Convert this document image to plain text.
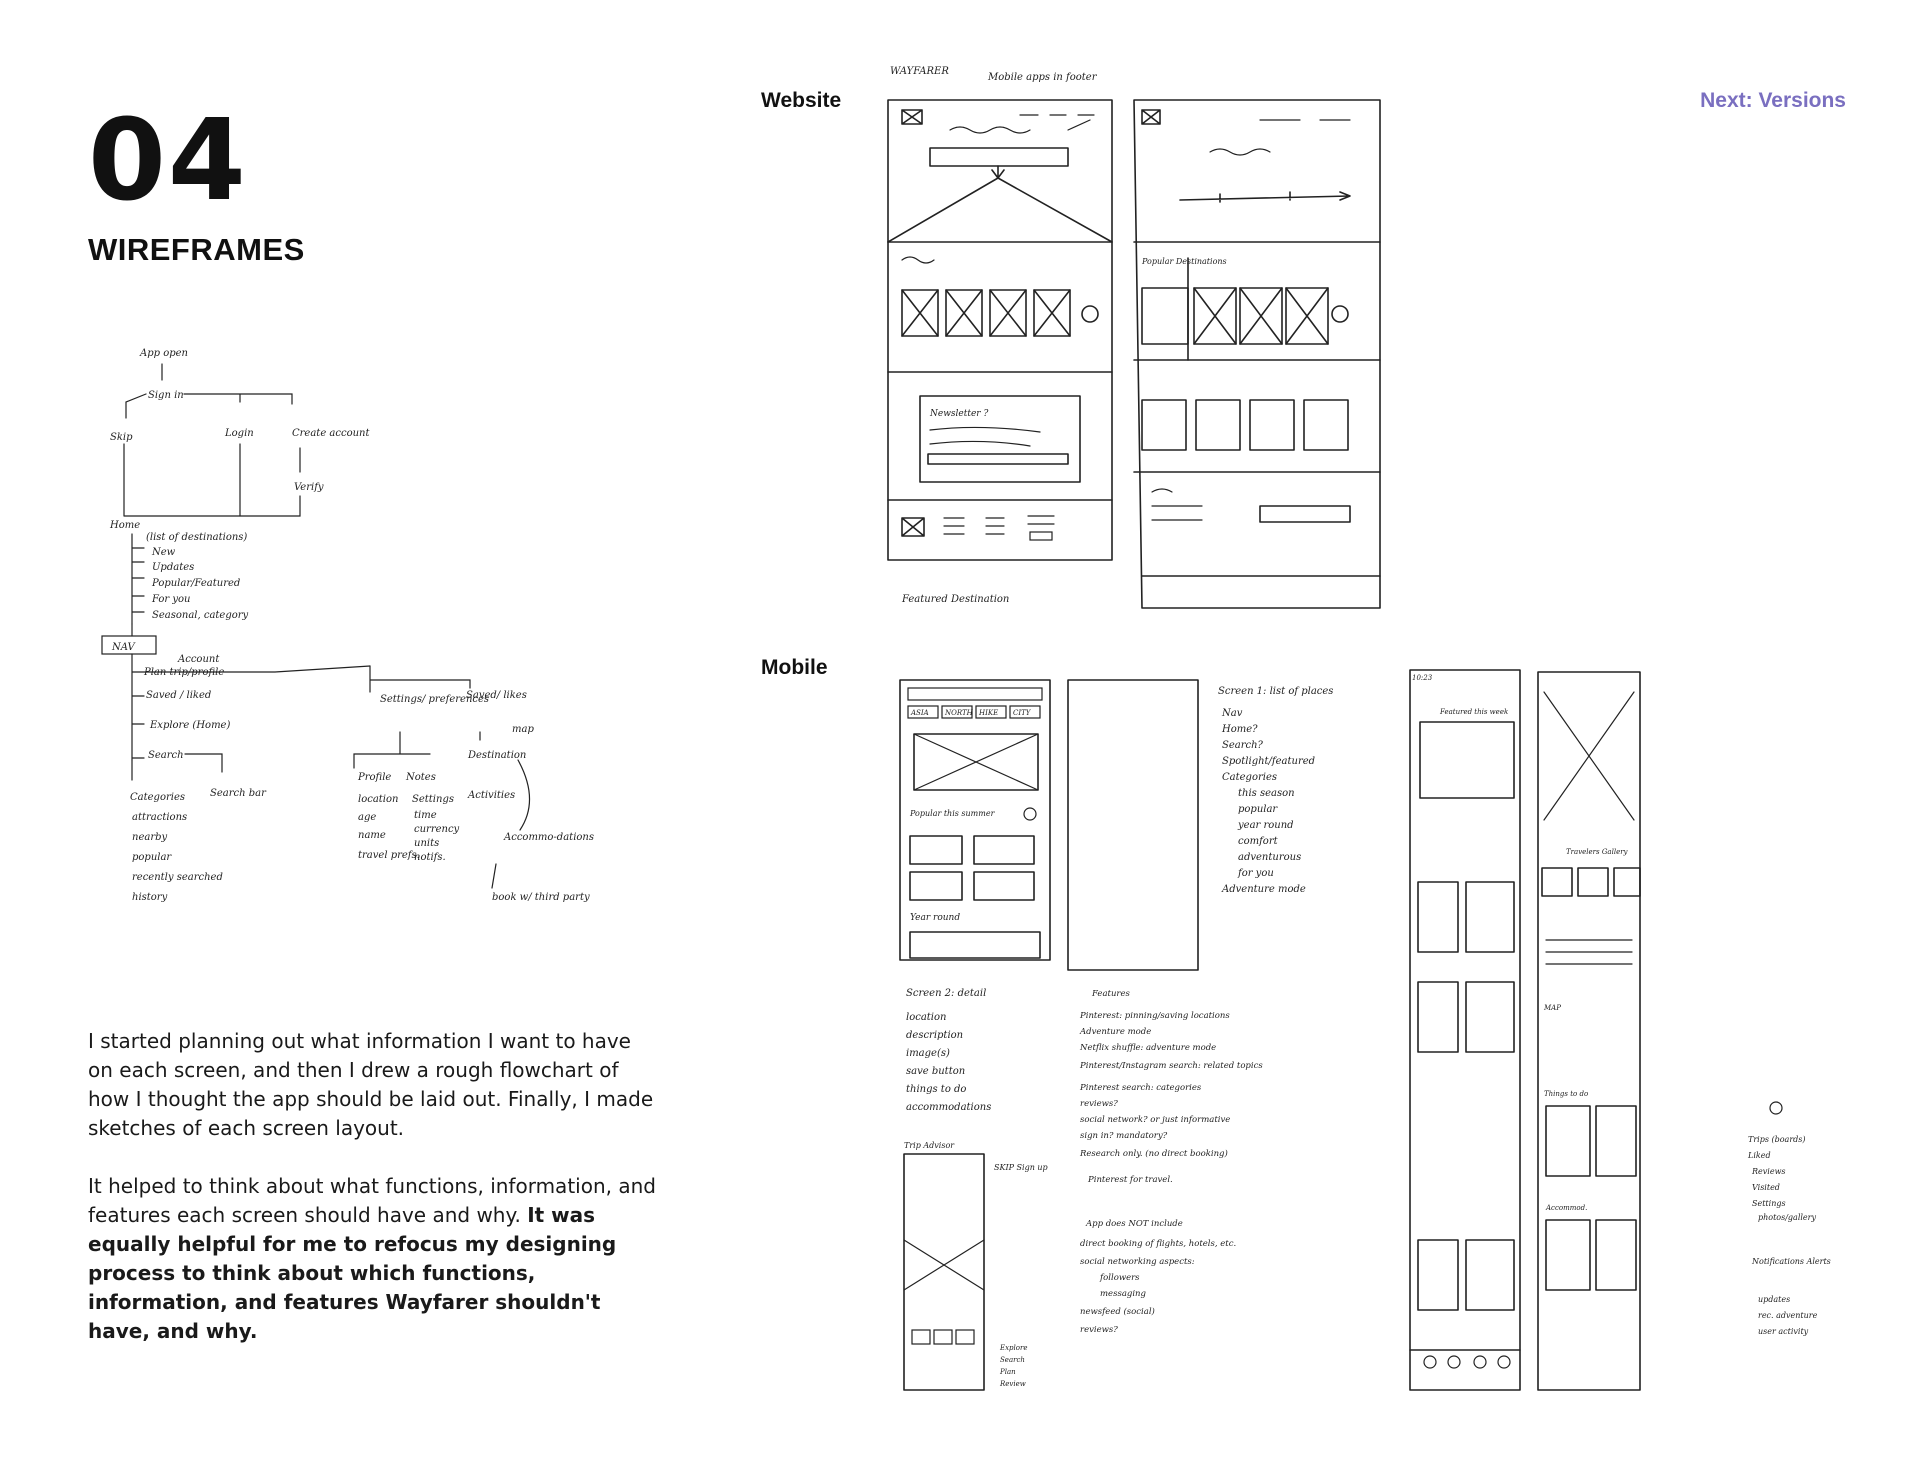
04
WIREFRAMES
Next: Versions
Website
Mobile

I started planning out what information I want to have on each screen, and then I drew a rough flowchart of how I thought the app should be laid out. Finally, I made sketches of each screen layout.

It helped to think about what functions, information, and features each screen should have and why. It was equally helpful for me to refocus my designing process to think about which functions, information, and features Wayfarer shouldn't have, and why.

App open
Sign in
Skip	Login	Create account
Verify
Home
(list of destinations)
New
Updates
Popular/Featured
For you
Seasonal, category
NAV
Account
Plan trip/profile
Saved / liked
Explore (Home)
Search
Categories	Search bar
attractions
nearby
popular
recently searched
history
Settings/ preferences
Saved/ likes
map
Profile Notes
Destination
Activities
location
age
name
travel prefs.
Settings
time
currency
units
notifs.
Accommo-dations
book w/ third party
WAYFARER
Mobile apps in footer
Newsletter ?
Featured Destination
Popular Destinations
ASIA NORTH HIKE CITY
Popular this summer
Year round
Screen 1: list of places
Nav
Home?
Search?
Spotlight/featured
Categories
this season
popular
year round
comfort
adventurous
for you
Adventure mode
Screen 2: detail
location
description
image(s)
save button
things to do
accommodations
Features
Pinterest: pinning/saving locations
Adventure mode
Netflix shuffle: adventure mode
Pinterest/Instagram search: related topics
Pinterest search: categories
reviews?
social network? or just informative
sign in? mandatory?
Research only. (no direct booking)
Pinterest for travel.
App does NOT include
direct booking of flights, hotels, etc.
social networking aspects:
followers
messaging
newsfeed (social)
reviews?
Trip Advisor
SKIP Sign up
Explore
Search
Plan
Review
10:23
Featured this week
Travelers Gallery
MAP
Things to do
Accommod.
Trips (boards)
Liked
Reviews
Visited
Settings
photos/gallery
Notifications Alerts
updates
rec. adventure
user activity
